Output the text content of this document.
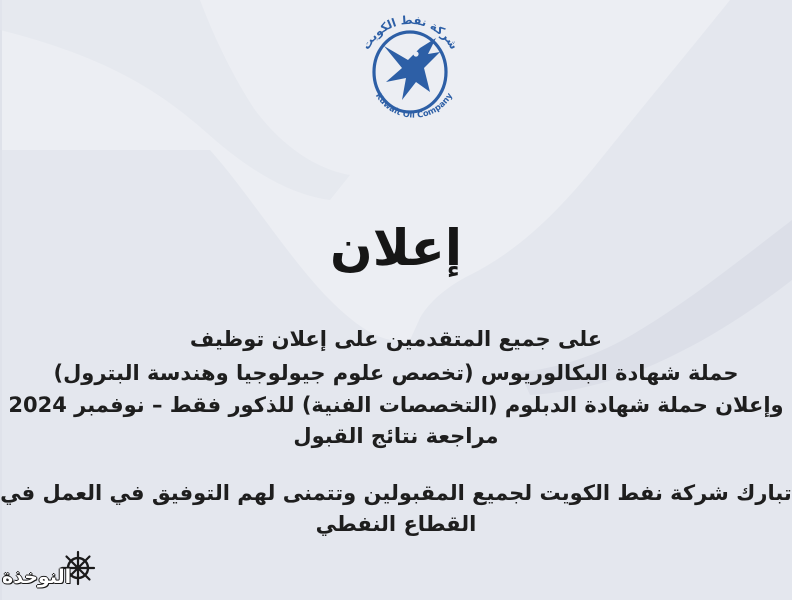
شركة نفط الكويت
Kuwait Oil Company
إعلان
على جميع المتقدمين على إعلان توظيف
حملة شهادة البكالوريوس (تخصص علوم جيولوجيا وهندسة البترول)
وإعلان حملة شهادة الدبلوم (التخصصات الفنية) للذكور فقط – نوفمبر 2024
مراجعة نتائج القبول
تبارك شركة نفط الكويت لجميع المقبولين وتتمنى لهم التوفيق في العمل في
القطاع النفطي
النوخذة
